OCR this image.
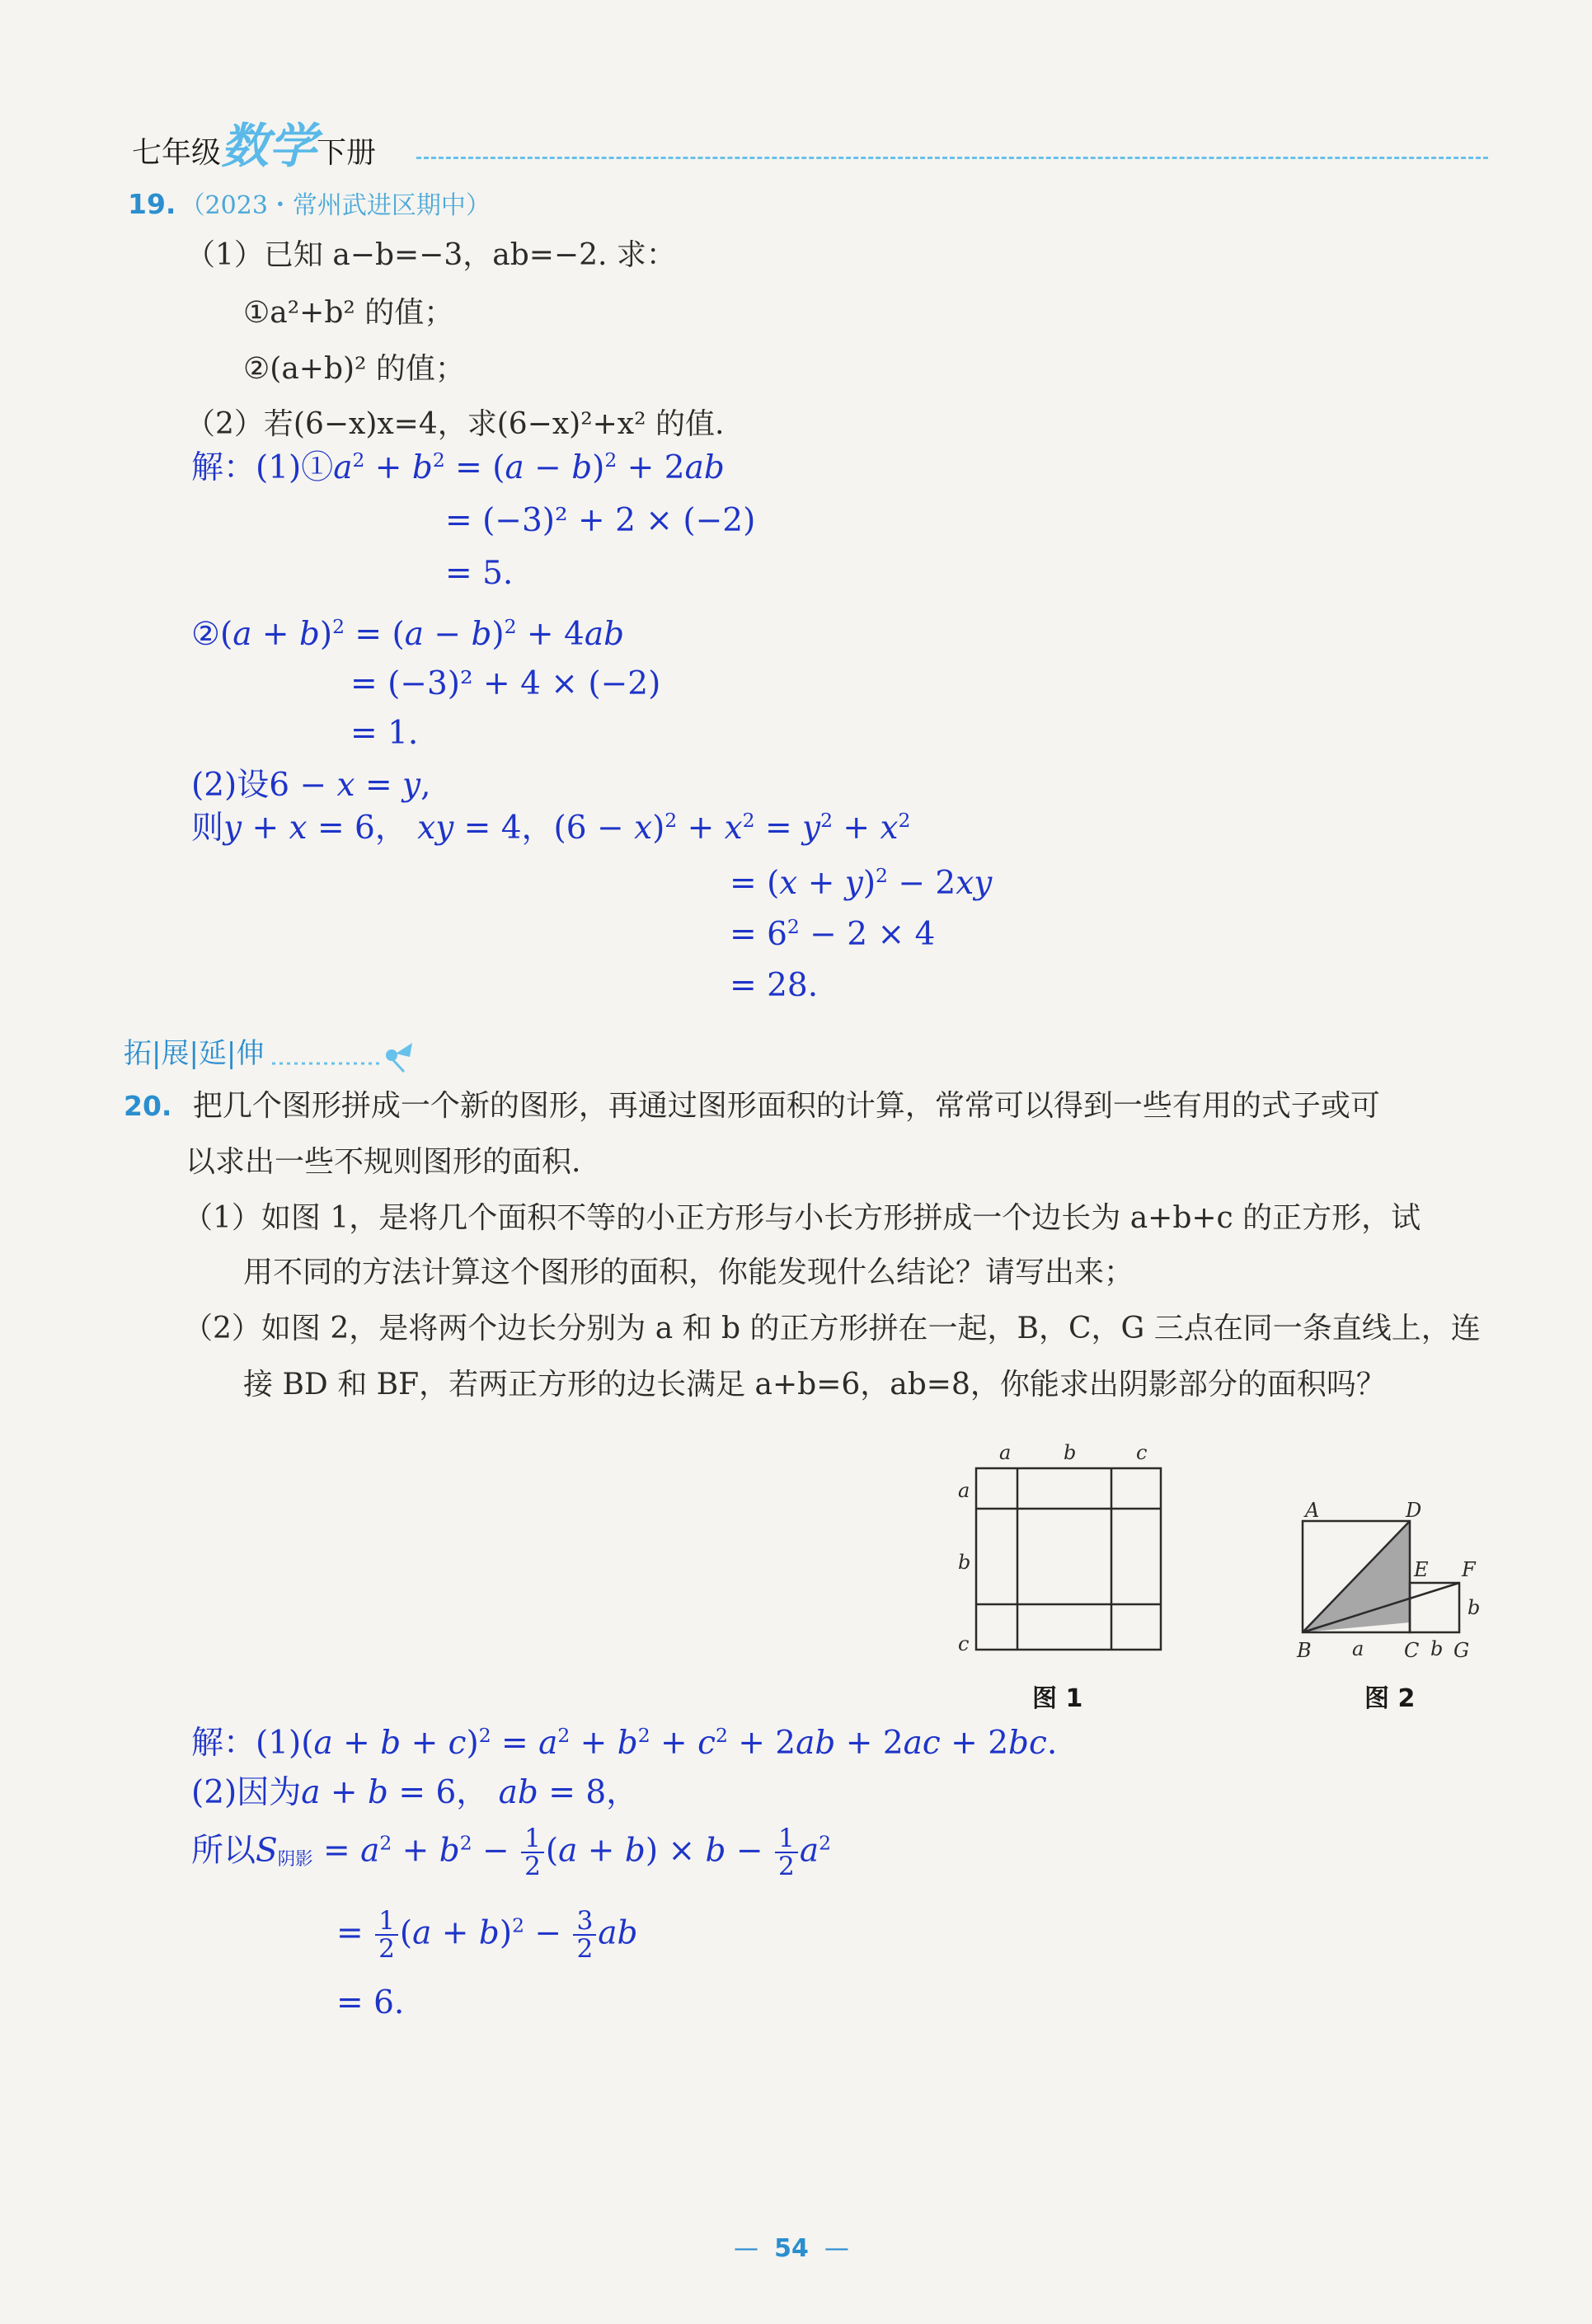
七年级数学下册
19. （2023・常州武进区期中）
（1）已知 a−b=−3，ab=−2. 求：
①a²+b² 的值；
②(a+b)² 的值；
（2）若(6−x)x=4，求(6−x)²+x² 的值.
解：$(1)①a^2 + b^2 = (a - b)^2 + 2ab$
= (−3)² + 2 × (−2)
= 5.
②(a + $b)^2 = (a - b)^2 + 4ab$
= (−3)² + 4 × (−2)
= 1.
(2)设6 − x = y,
则y + x = 6， xy = 4，$(6 - x)^2 + x^2 = y^2 + x^2$
= $(x + y)^2 - 2xy$
= $6^2 - 2 \times 4$
= 28.
拓|展|延|伸
20. 把几个图形拼成一个新的图形，再通过图形面积的计算，常常可以得到一些有用的式子或可
以求出一些不规则图形的面积.
（1）如图 1，是将几个面积不等的小正方形与小长方形拼成一个边长为 a+b+c 的正方形，试
用不同的方法计算这个图形的面积，你能发现什么结论？请写出来；
（2）如图 2，是将两个边长分别为 a 和 b 的正方形拼在一起，B，C，G 三点在同一条直线上，连
接 BD 和 BF，若两正方形的边长满足 a+b=6，ab=8，你能求出阴影部分的面积吗？
a	b	c
a
b
c
图 1
A	D
E F
B	C G
a	b
b
图 2
解：$(1)(a + b + c)^2 = a^2 + b^2 + c^2 + 2ab + 2ac + 2bc$.
(2)因为a + b = 6， ab = 8，
所以$S_{阴影} = a^2 + b^2 - \frac{1}{2} (a + b) \times b - \frac{1}{2} a^2$
= $\frac{1}{2} (a + b)^2 - \frac{3}{2}$ ab
= 6.
—  54  —
